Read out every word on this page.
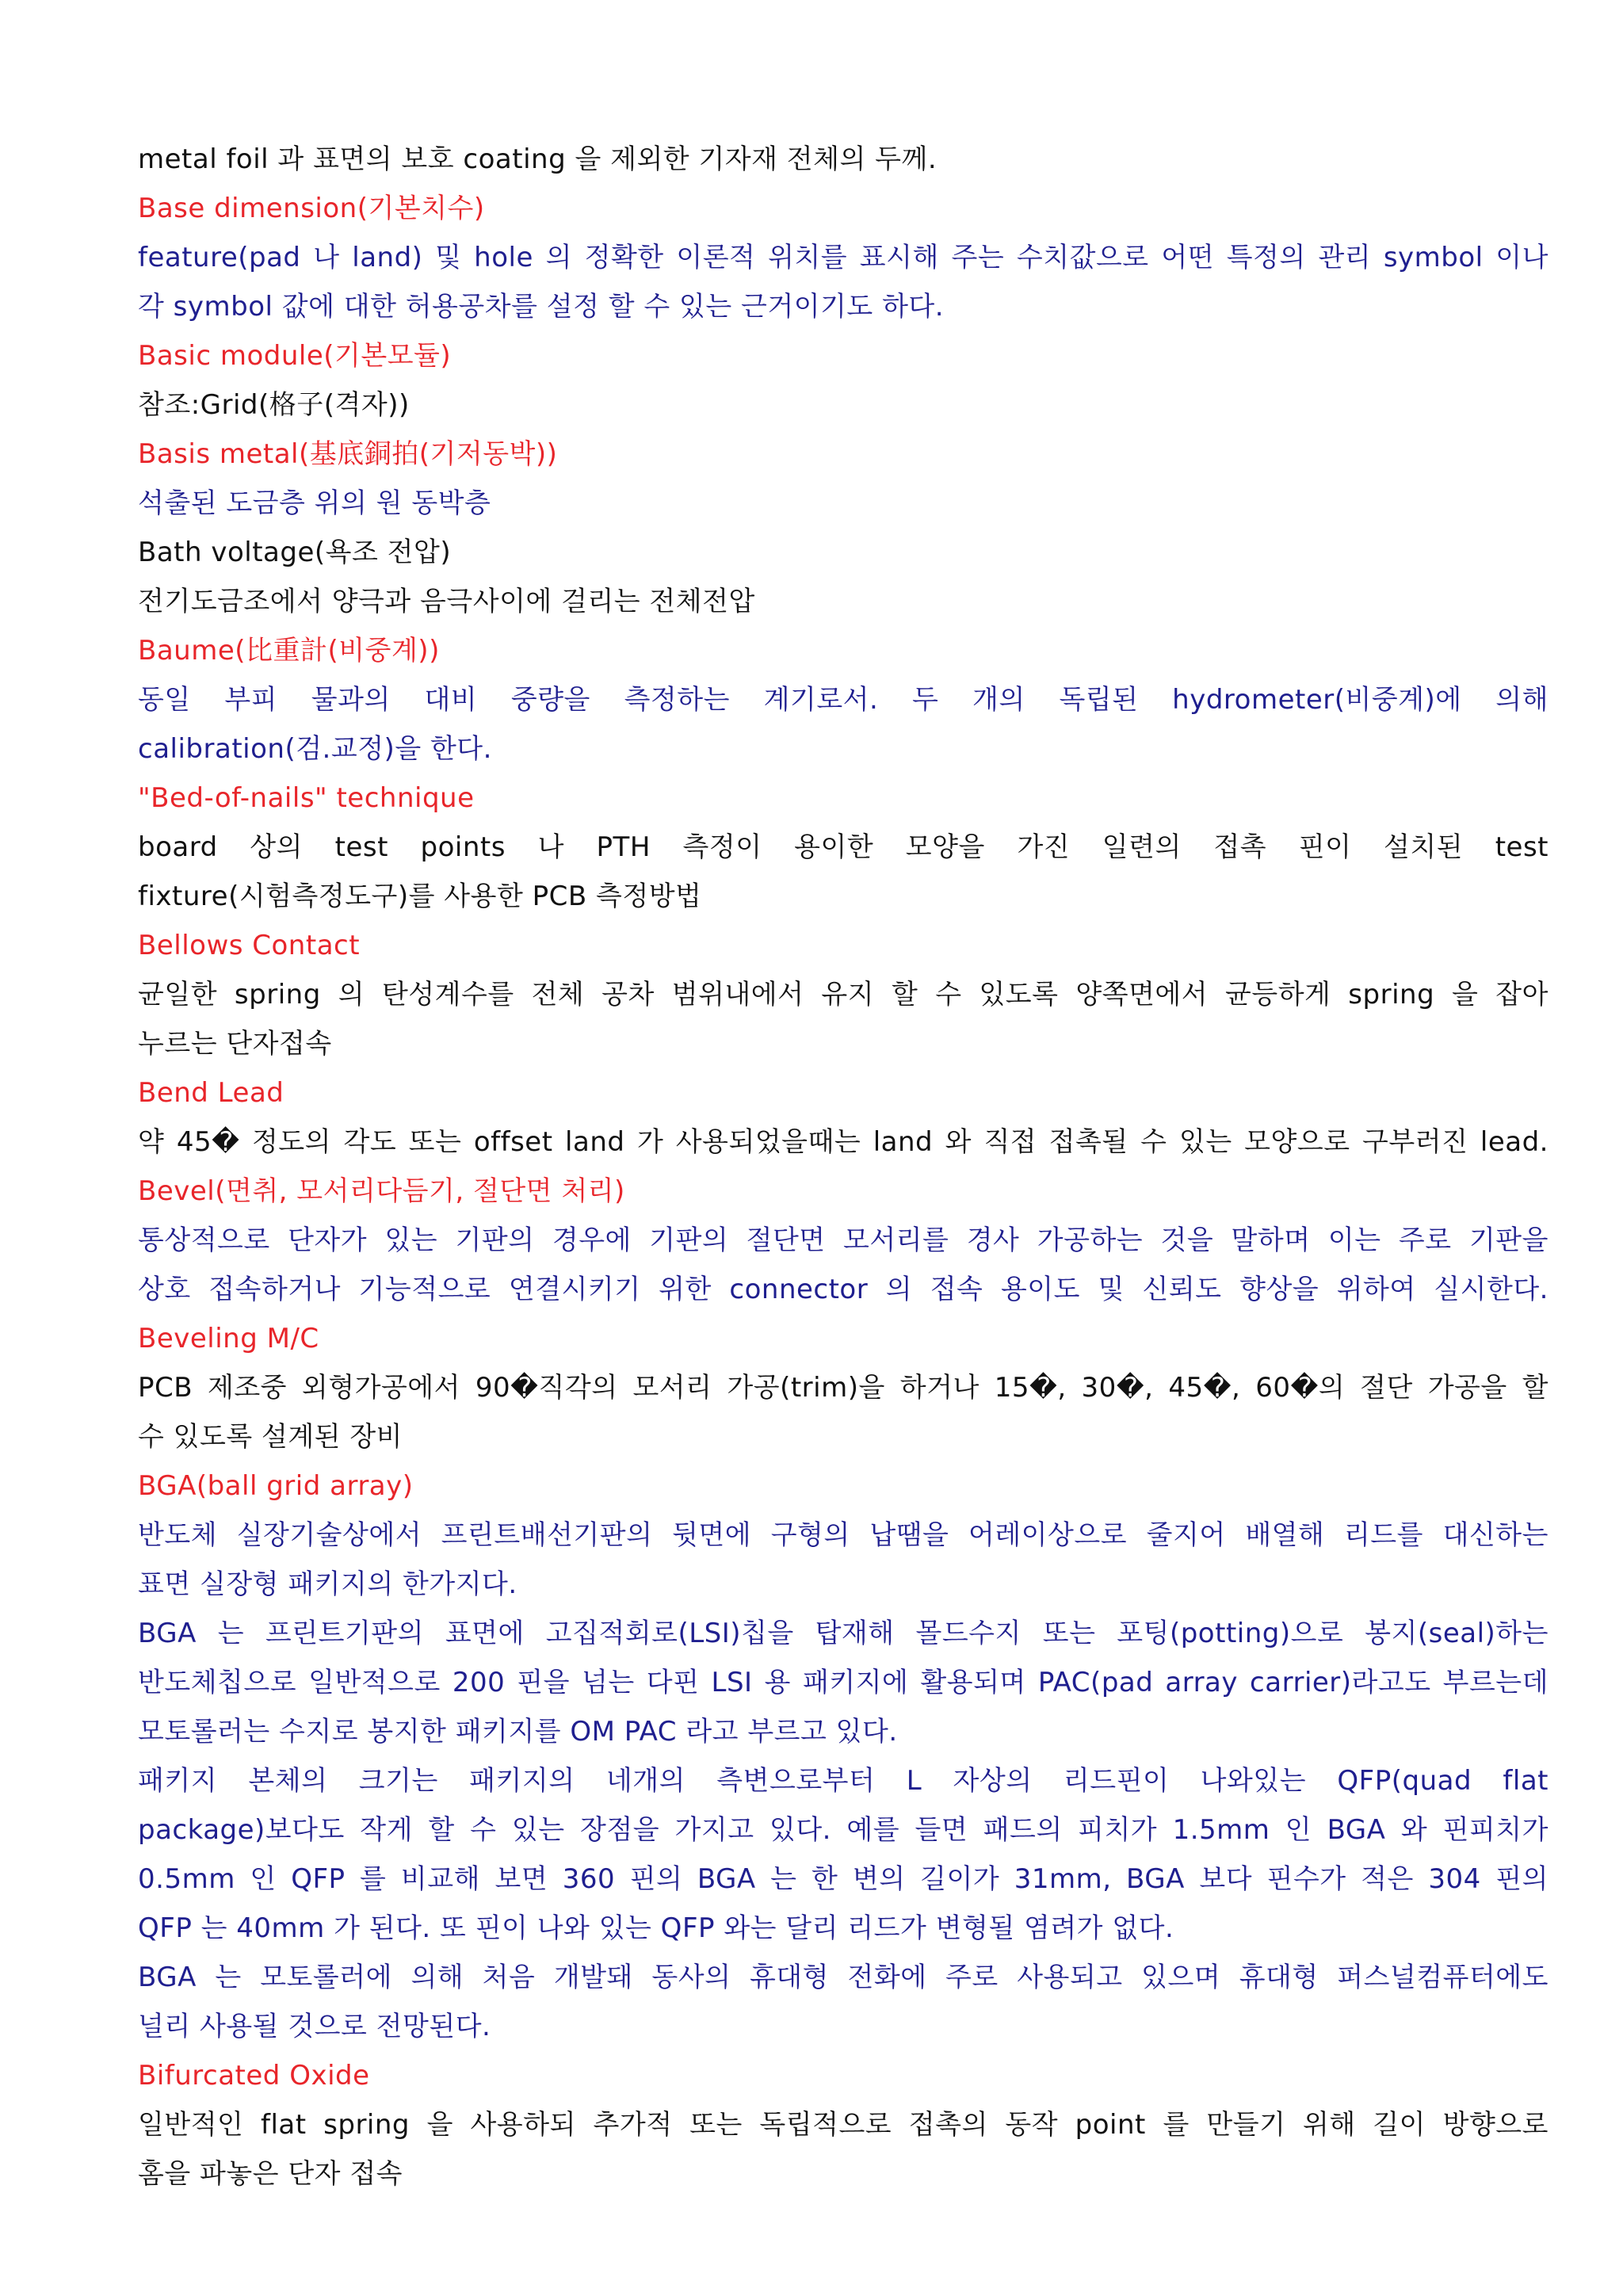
metal foil 과 표면의 보호 coating 을 제외한 기자재 전체의 두께.
Base dimension(기본치수)
feature(pad 나 land) 및 hole 의 정확한 이론적 위치를 표시해 주는 수치값으로 어떤 특정의 관리 symbol 이나
각 symbol 값에 대한 허용공차를 설정 할 수 있는 근거이기도 하다.
Basic module(기본모듈)
참조:Grid(格子(격자))
Basis metal(基底銅拍(기저동박))
석출된 도금층 위의 원 동박층
Bath voltage(욕조 전압)
전기도금조에서 양극과 음극사이에 걸리는 전체전압
Baume(比重計(비중계))
동일 부피 물과의 대비 중량을 측정하는 계기로서. 두 개의 독립된 hydrometer(비중계)에 의해
calibration(검.교정)을 한다.
"Bed-of-nails" technique
board 상의 test points 나 PTH 측정이 용이한 모양을 가진 일련의 접촉 핀이 설치된 test
fixture(시험측정도구)를 사용한 PCB 측정방법
Bellows Contact
균일한 spring 의 탄성계수를 전체 공차 범위내에서 유지 할 수 있도록 양쪽면에서 균등하게 spring 을 잡아
누르는 단자접속
Bend Lead
약 45� 정도의 각도 또는 offset land 가 사용되었을때는 land 와 직접 접촉될 수 있는 모양으로 구부러진 lead.
Bevel(면취, 모서리다듬기, 절단면 처리)
통상적으로 단자가 있는 기판의 경우에 기판의 절단면 모서리를 경사 가공하는 것을 말하며 이는 주로 기판을
상호 접속하거나 기능적으로 연결시키기 위한 connector 의 접속 용이도 및 신뢰도 향상을 위하여 실시한다.
Beveling M/C
PCB 제조중 외형가공에서 90�직각의 모서리 가공(trim)을 하거나 15�, 30�, 45�, 60�의 절단 가공을 할
수 있도록 설계된 장비
BGA(ball grid array)
반도체 실장기술상에서 프린트배선기판의 뒷면에 구형의 납땜을 어레이상으로 줄지어 배열해 리드를 대신하는
표면 실장형 패키지의 한가지다.
BGA 는 프린트기판의 표면에 고집적회로(LSI)칩을 탑재해 몰드수지 또는 포팅(potting)으로 봉지(seal)하는
반도체칩으로 일반적으로 200 핀을 넘는 다핀 LSI 용 패키지에 활용되며 PAC(pad array carrier)라고도 부르는데
모토롤러는 수지로 봉지한 패키지를 OM PAC 라고 부르고 있다.
패키지 본체의 크기는 패키지의 네개의 측변으로부터 L 자상의 리드핀이 나와있는 QFP(quad flat
package)보다도 작게 할 수 있는 장점을 가지고 있다. 예를 들면 패드의 피치가 1.5mm 인 BGA 와 핀피치가
0.5mm 인 QFP 를 비교해 보면 360 핀의 BGA 는 한 변의 길이가 31mm, BGA 보다 핀수가 적은 304 핀의
QFP 는 40mm 가 된다. 또 핀이 나와 있는 QFP 와는 달리 리드가 변형될 염려가 없다.
BGA 는 모토롤러에 의해 처음 개발돼 동사의 휴대형 전화에 주로 사용되고 있으며 휴대형 퍼스널컴퓨터에도
널리 사용될 것으로 전망된다.
Bifurcated Oxide
일반적인 flat spring 을 사용하되 추가적 또는 독립적으로 접촉의 동작 point 를 만들기 위해 길이 방향으로
홈을 파놓은 단자 접속
